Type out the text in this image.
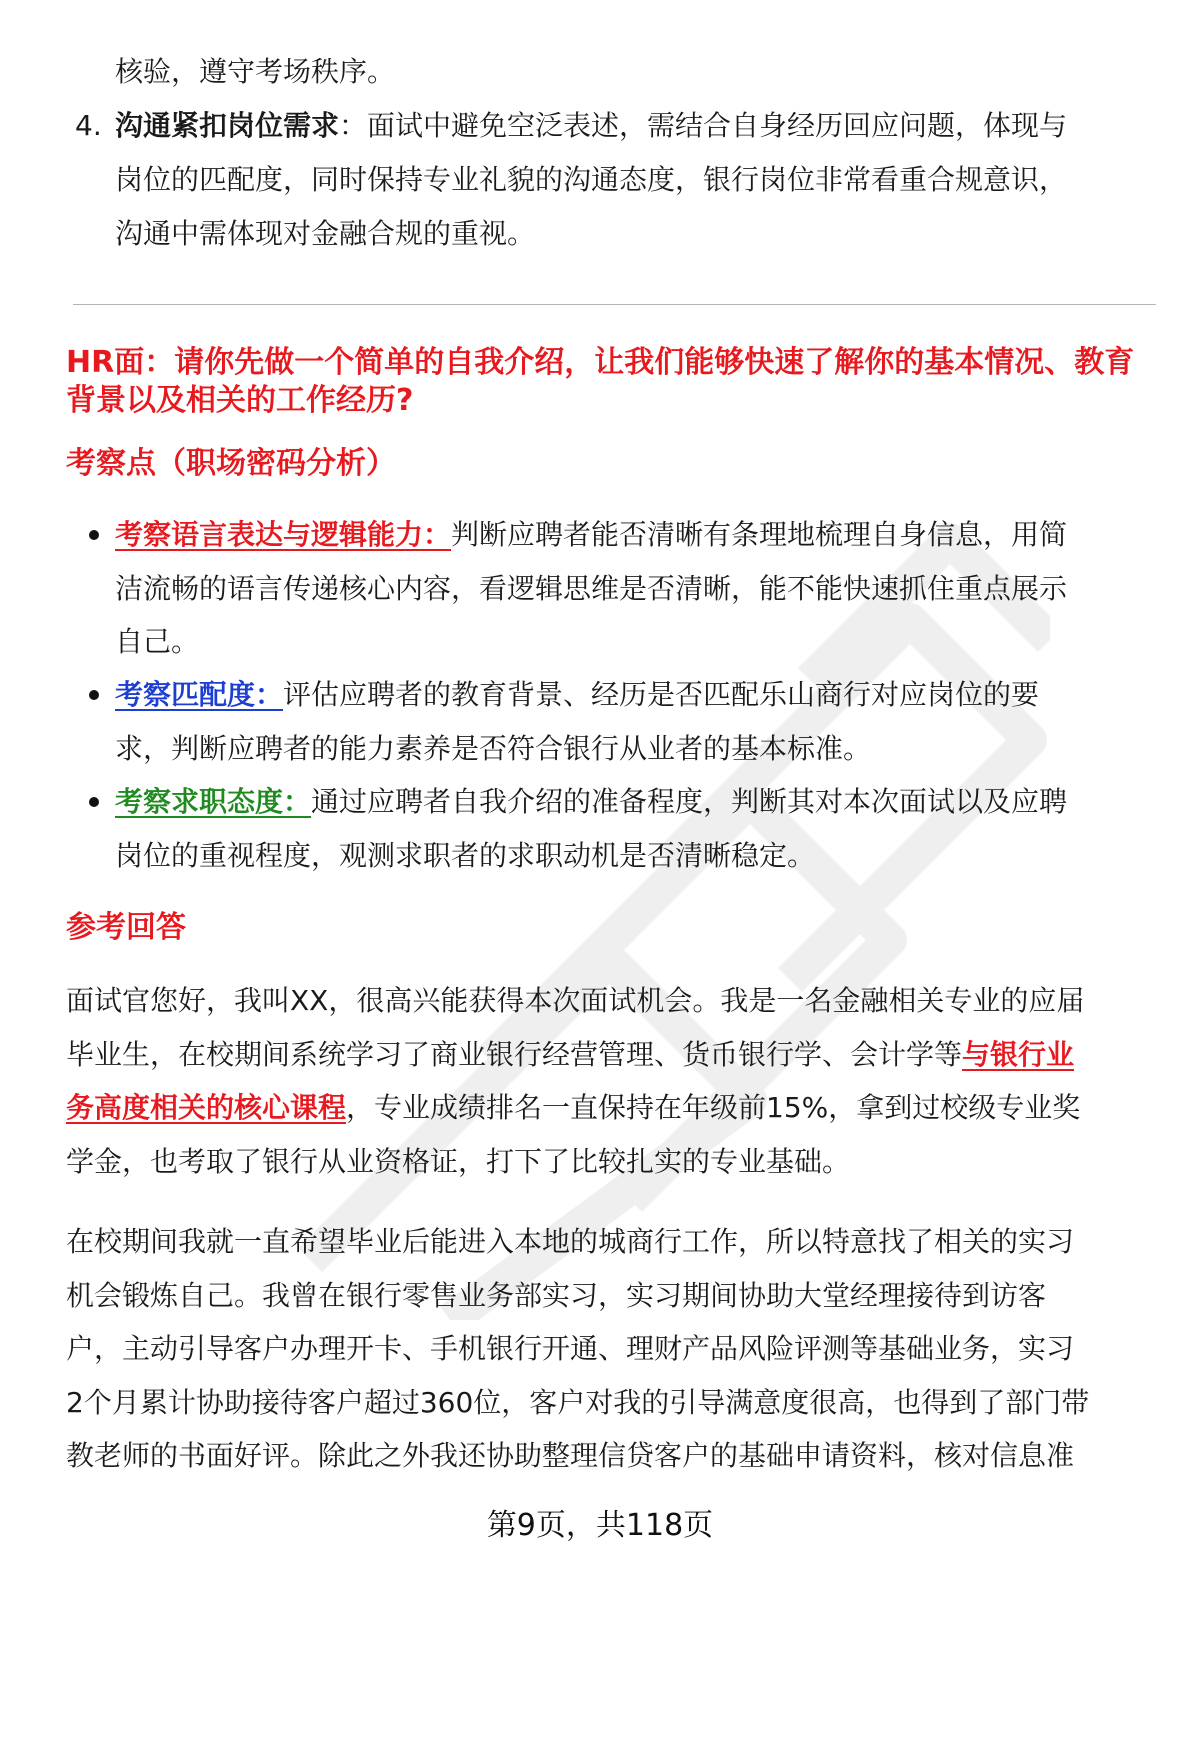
核验，遵守考场秩序。
4. 沟通紧扣岗位需求：面试中避免空泛表述，需结合自身经历回应问题，体现与
岗位的匹配度，同时保持专业礼貌的沟通态度，银行岗位非常看重合规意识，
沟通中需体现对金融合规的重视。
HR面：请你先做一个简单的自我介绍，让我们能够快速了解你的基本情况、教育
背景以及相关的工作经历?
考察点（职场密码分析）
考察语言表达与逻辑能力：判断应聘者能否清晰有条理地梳理自身信息，用简
洁流畅的语言传递核心内容，看逻辑思维是否清晰，能不能快速抓住重点展示
自己。
考察匹配度：评估应聘者的教育背景、经历是否匹配乐山商行对应岗位的要
求，判断应聘者的能力素养是否符合银行从业者的基本标准。
考察求职态度：通过应聘者自我介绍的准备程度，判断其对本次面试以及应聘
岗位的重视程度，观测求职者的求职动机是否清晰稳定。
参考回答
面试官您好，我叫XX，很高兴能获得本次面试机会。我是一名金融相关专业的应届
毕业生，在校期间系统学习了商业银行经营管理、货币银行学、会计学等与银行业
务高度相关的核心课程，专业成绩排名一直保持在年级前15%，拿到过校级专业奖
学金，也考取了银行从业资格证，打下了比较扎实的专业基础。
在校期间我就一直希望毕业后能进入本地的城商行工作，所以特意找了相关的实习
机会锻炼自己。我曾在银行零售业务部实习，实习期间协助大堂经理接待到访客
户，主动引导客户办理开卡、手机银行开通、理财产品风险评测等基础业务，实习
2个月累计协助接待客户超过360位，客户对我的引导满意度很高，也得到了部门带
教老师的书面好评。除此之外我还协助整理信贷客户的基础申请资料，核对信息准
第9页，共118页
